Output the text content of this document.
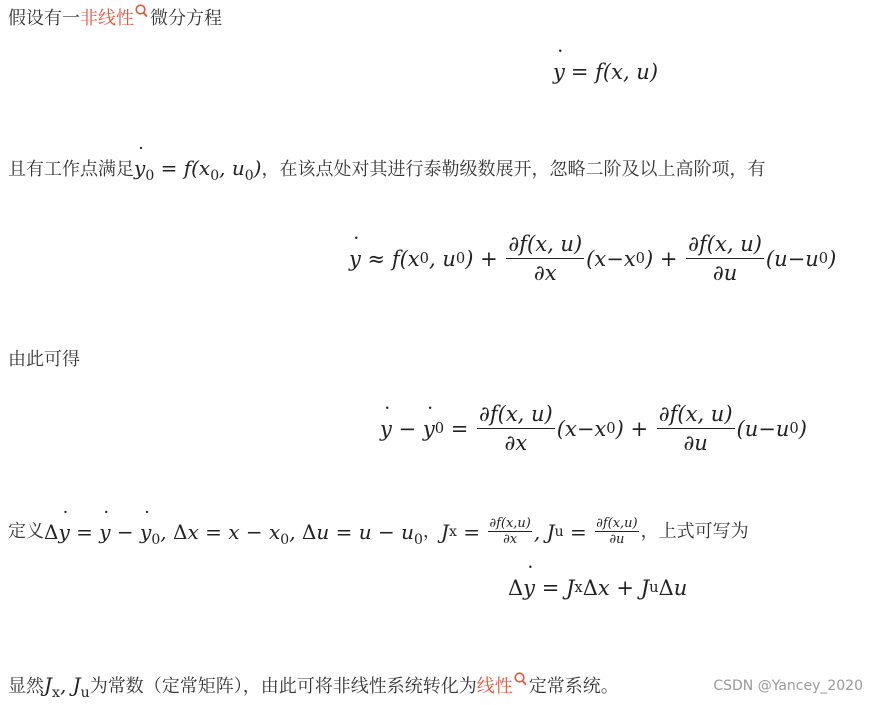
假设有一非线性 微分方程
y ˙ = f(x, u)
且有工作点满足y $˙_0 = f(x_0$, $u_0$)，在该点处对其进行泰勒级数展开，忽略二阶及以上高阶项，有
y ˙ ≈ f(x 0 , u 0 ) + $\frac{\partial f(x, u)}{\partial x} (x - x$ 0 ) + $\frac{\partial f(x, u)}{\partial u} (u - u$ 0 )
由此可得
y ˙ − y ˙ $0 = \frac{\partial f(x, u)}{\partial x} (x - x$ 0 ) + $\frac{\partial f(x, u)}{\partial u} (u - u$ 0 )
定义 Δy ˙ = y ˙ − y $˙_0$, $\Delta x = x - x_0$, $\Delta u = u - u_0$ ， J x
=
$\frac{\partial f(x,u)}{\partial x}$ , J u
=
$\frac{\partial f(x,u)}{\partial u}$ ，上式可写为
Δ y ˙ = J x Δ x + J u Δ u
显然$J_x$, $J_u$为常数（定常矩阵），由此可将非线性系统转化为线性 定常系统。	CSDN @Yancey_2020
